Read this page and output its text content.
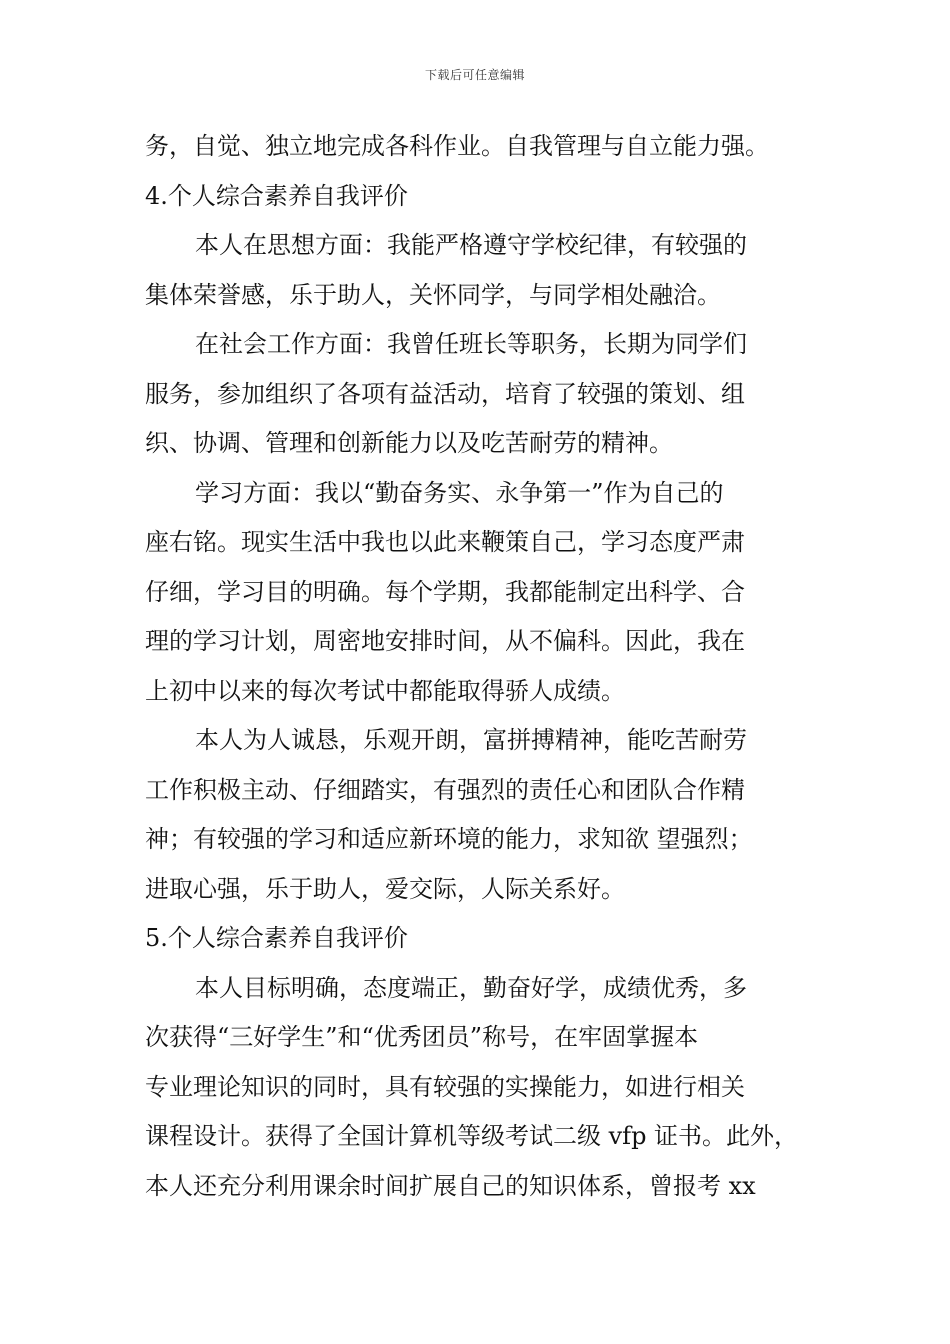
下载后可任意编辑
务，自觉、独立地完成各科作业。自我管理与自立能力强。
4.个人综合素养自我评价
本人在思想方面：我能严格遵守学校纪律，有较强的
集体荣誉感，乐于助人，关怀同学，与同学相处融洽。
在社会工作方面：我曾任班长等职务，长期为同学们
服务，参加组织了各项有益活动，培育了较强的策划、组
织、协调、管理和创新能力以及吃苦耐劳的精神。
学习方面：我以“勤奋务实、永争第一”作为自己的
座右铭。现实生活中我也以此来鞭策自己，学习态度严肃
仔细，学习目的明确。每个学期，我都能制定出科学、合
理的学习计划，周密地安排时间，从不偏科。因此，我在
上初中以来的每次考试中都能取得骄人成绩。
本人为人诚恳，乐观开朗，富拼搏精神，能吃苦耐劳
工作积极主动、仔细踏实，有强烈的责任心和团队合作精
神；有较强的学习和适应新环境的能力，求知欲 望强烈；
进取心强，乐于助人，爱交际，人际关系好。
5.个人综合素养自我评价
本人目标明确，态度端正，勤奋好学，成绩优秀，多
次获得“三好学生”和“优秀团员”称号，在牢固掌握本
专业理论知识的同时，具有较强的实操能力，如进行相关
课程设计。获得了全国计算机等级考试二级 vfp 证书。此外，
本人还充分利用课余时间扩展自己的知识体系，曾报考 xx
